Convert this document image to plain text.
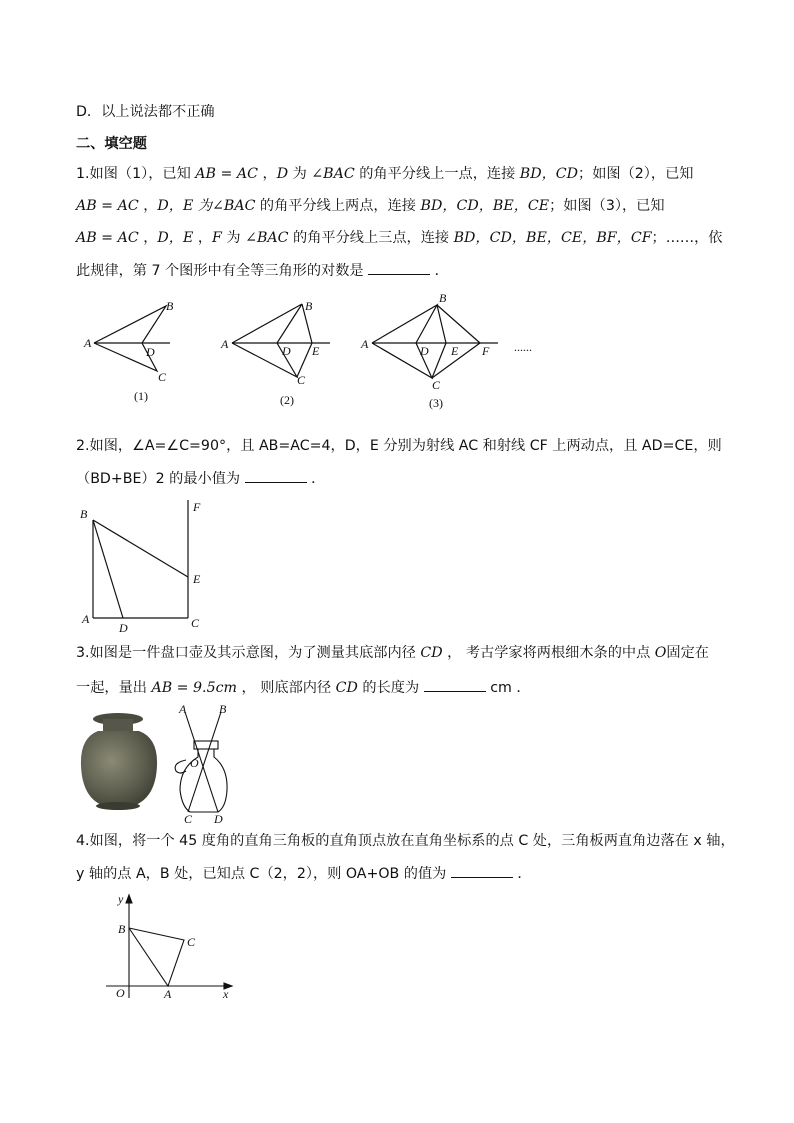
D．以上说法都不正确
二、填空题
1.如图（1），已知 AB = AC ，D 为 ∠BAC 的角平分线上一点，连接 BD，CD；如图（2），已知
AB = AC ，D，E 为∠BAC 的角平分线上两点，连接 BD，CD，BE，CE；如图（3），已知
AB = AC ，D，E ，F 为 ∠BAC 的角平分线上三点，连接 BD，CD，BE，CE，BF，CF；……，依
此规律，第 7 个图形中有全等三角形的对数是	．
A
B
D
C
(1)
A
B
D E
C
(2)
A
B
D E F
C
(3)
......
2.如图，∠A=∠C=90°，且 AB=AC=4，D，E 分别为射线 AC 和射线 CF 上两动点，且 AD=CE，则
（BD+BE）2 的最小值为	．
B	F
E
A
D	C
3.如图是一件盘口壶及其示意图，为了测量其底部内径 CD ， 考古学家将两根细木条的中点 O固定在
一起，量出 AB = 9.5cm ， 则底部内径 CD 的长度为	cm ．
A	B
O
C D
4.如图，将一个 45 度角的直角三角板的直角顶点放在直角坐标系的点 C 处，三角板两直角边落在 x 轴，
y 轴的点 A，B 处，已知点 C（2，2），则 OA+OB 的值为	．
y
x
O	A
B
C
